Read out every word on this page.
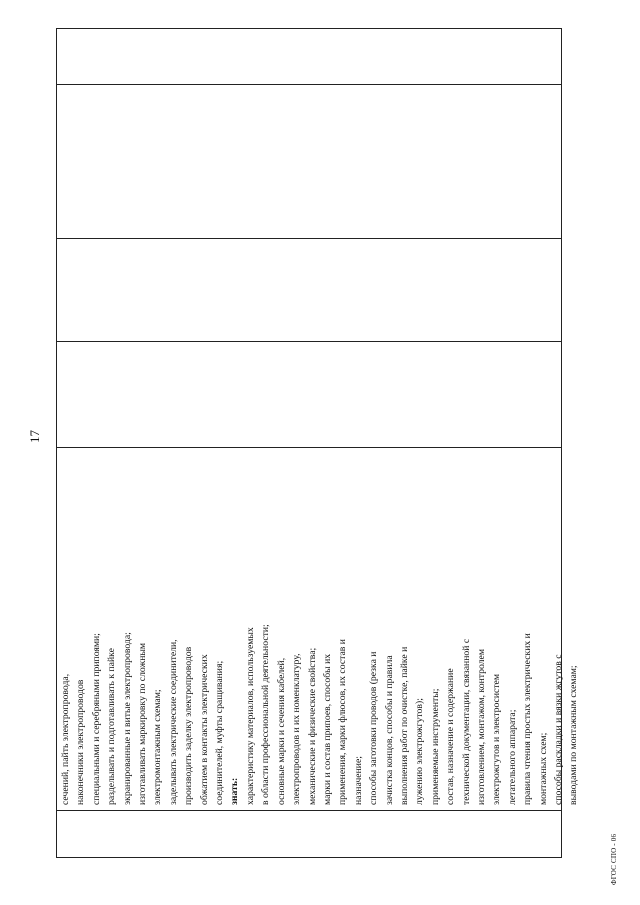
17
сечений, пайть электропровода, наконечники электропроводов специальными и серебряными припоями; разделывать и подготавливать к пайке экранированные и витые электропровода; изготавливать маркировку по сложным электромонтажным схемам; заделывать электрические соединители, производить заделку электропроводов обжатием в контакты электрических соединителей, муфты сращивания; знать: характеристику материалов, используемых в области профессиональной деятельности; основные марки и сечения кабелей, электропроводов и их номенклатуру, механические и физические свойства; марки и состав припоев, способы их применения, марки флюсов, их состав и назначение; способы заготовки проводов (резка и зачистка концов, способы и правила выполнения работ по очистке, пайке и лужению электрожгутов); применяемые инструменты; состав, назначение и содержание технической документации, связанной с изготовлением, монтажом, контролем электрожгутов и электросистем летательного аппарата; правила чтения простых электрических и монтажных схем; способы раскладки и вязки жгутов с выводами по монтажным схемам;
ФГОС СПО - 06
